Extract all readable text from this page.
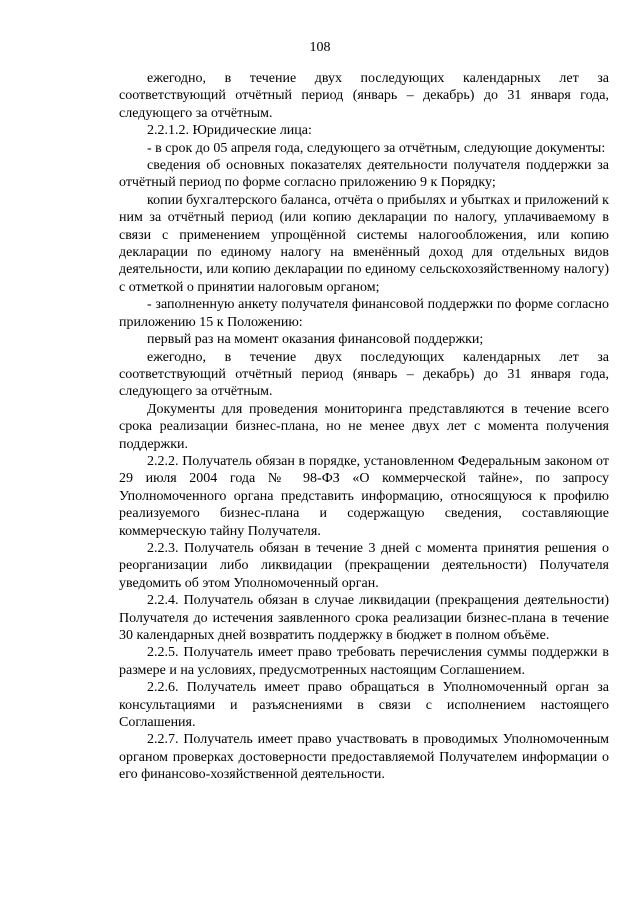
108

ежегодно, в течение двух последующих календарных лет за соответствующий отчётный период (январь – декабрь) до 31 января года, следующего за отчётным.

2.2.1.2. Юридические лица:

- в срок до 05 апреля года, следующего за отчётным, следующие документы:

сведения об основных показателях деятельности получателя поддержки за отчётный период по форме согласно приложению 9 к Порядку;

копии бухгалтерского баланса, отчёта о прибылях и убытках и приложений к ним за отчётный период (или копию декларации по налогу, уплачиваемому в связи с применением упрощённой системы налогообложения, или копию декларации по единому налогу на вменённый доход для отдельных видов деятельности, или копию декларации по единому сельскохозяйственному налогу) с отметкой о принятии налоговым органом;

- заполненную анкету получателя финансовой поддержки по форме согласно приложению 15 к Положению:

первый раз на момент оказания финансовой поддержки;

ежегодно, в течение двух последующих календарных лет за соответствующий отчётный период (январь – декабрь) до 31 января года, следующего за отчётным.

Документы для проведения мониторинга представляются в течение всего срока реализации бизнес-плана, но не менее двух лет с момента получения поддержки.

2.2.2. Получатель обязан в порядке, установленном Федеральным законом от 29 июля 2004 года № 98-ФЗ «О коммерческой тайне», по запросу Уполномоченного органа представить информацию, относящуюся к профилю реализуемого бизнес-плана и содержащую сведения, составляющие коммерческую тайну Получателя.

2.2.3. Получатель обязан в течение 3 дней с момента принятия решения о реорганизации либо ликвидации (прекращении деятельности) Получателя уведомить об этом Уполномоченный орган.

2.2.4. Получатель обязан в случае ликвидации (прекращения деятельности) Получателя до истечения заявленного срока реализации бизнес-плана в течение 30 календарных дней возвратить поддержку в бюджет в полном объёме.

2.2.5. Получатель имеет право требовать перечисления суммы поддержки в размере и на условиях, предусмотренных настоящим Соглашением.

2.2.6. Получатель имеет право обращаться в Уполномоченный орган за консультациями и разъяснениями в связи с исполнением настоящего Соглашения.

2.2.7. Получатель имеет право участвовать в проводимых Уполномоченным органом проверках достоверности предоставляемой Получателем информации о его финансово-хозяйственной деятельности.
